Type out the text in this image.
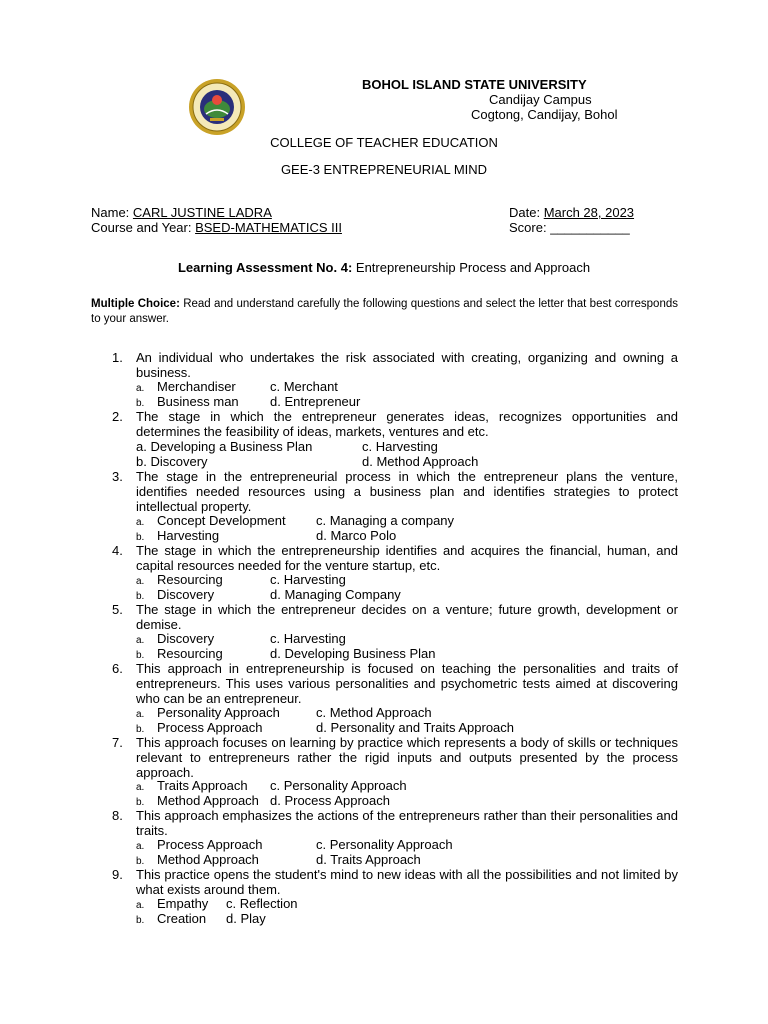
BOHOL ISLAND STATE UNIVERSITY
Candijay Campus
Cogtong, Candijay, Bohol
COLLEGE OF TEACHER EDUCATION
GEE-3 ENTREPRENEURIAL MIND
Name: CARL JUSTINE LADRA
Course and Year: BSED-MATHEMATICS III
Date: March 28, 2023
Score: ___________
Learning Assessment No. 4: Entrepreneurship Process and Approach
Multiple Choice: Read and understand carefully the following questions and select the letter that best corresponds to your answer.
1.	An individual who undertakes the risk associated with creating, organizing and owning a business.
a. Merchandiser	c. Merchant
b. Business man d. Entrepreneur
2.	The stage in which the entrepreneur generates ideas, recognizes opportunities and determines the feasibility of ideas, markets, ventures and etc.
a. Developing a Business Plan	c. Harvesting
b. Discovery	d. Method Approach
3.	The stage in the entrepreneurial process in which the entrepreneur plans the venture, identifies needed resources using a business plan and identifies strategies to protect intellectual property.
a. Concept Development c. Managing a company
b. Harvesting	d. Marco Polo
4.	The stage in which the entrepreneurship identifies and acquires the financial, human, and capital resources needed for the venture startup, etc.
a. Resourcing	c. Harvesting
b. Discovery	d. Managing Company
5.	The stage in which the entrepreneur decides on a venture; future growth, development or demise.
a. Discovery	c. Harvesting
b. Resourcing	d. Developing Business Plan
6.	This approach in entrepreneurship is focused on teaching the personalities and traits of entrepreneurs. This uses various personalities and psychometric tests aimed at discovering who can be an entrepreneur.
a. Personality Approach	c. Method Approach
b. Process Approach	d. Personality and Traits Approach
7.	This approach focuses on learning by practice which represents a body of skills or techniques relevant to entrepreneurs rather the rigid inputs and outputs presented by the process approach.
a. Traits Approach c. Personality Approach
b. Method Approach d. Process Approach
8.	This approach emphasizes the actions of the entrepreneurs rather than their personalities and traits.
a. Process Approach	c. Personality Approach
b. Method Approach	d. Traits Approach
9.	This practice opens the student's mind to new ideas with all the possibilities and not limited by what exists around them.
a. Empathy c. Reflection
b. Creation d. Play
